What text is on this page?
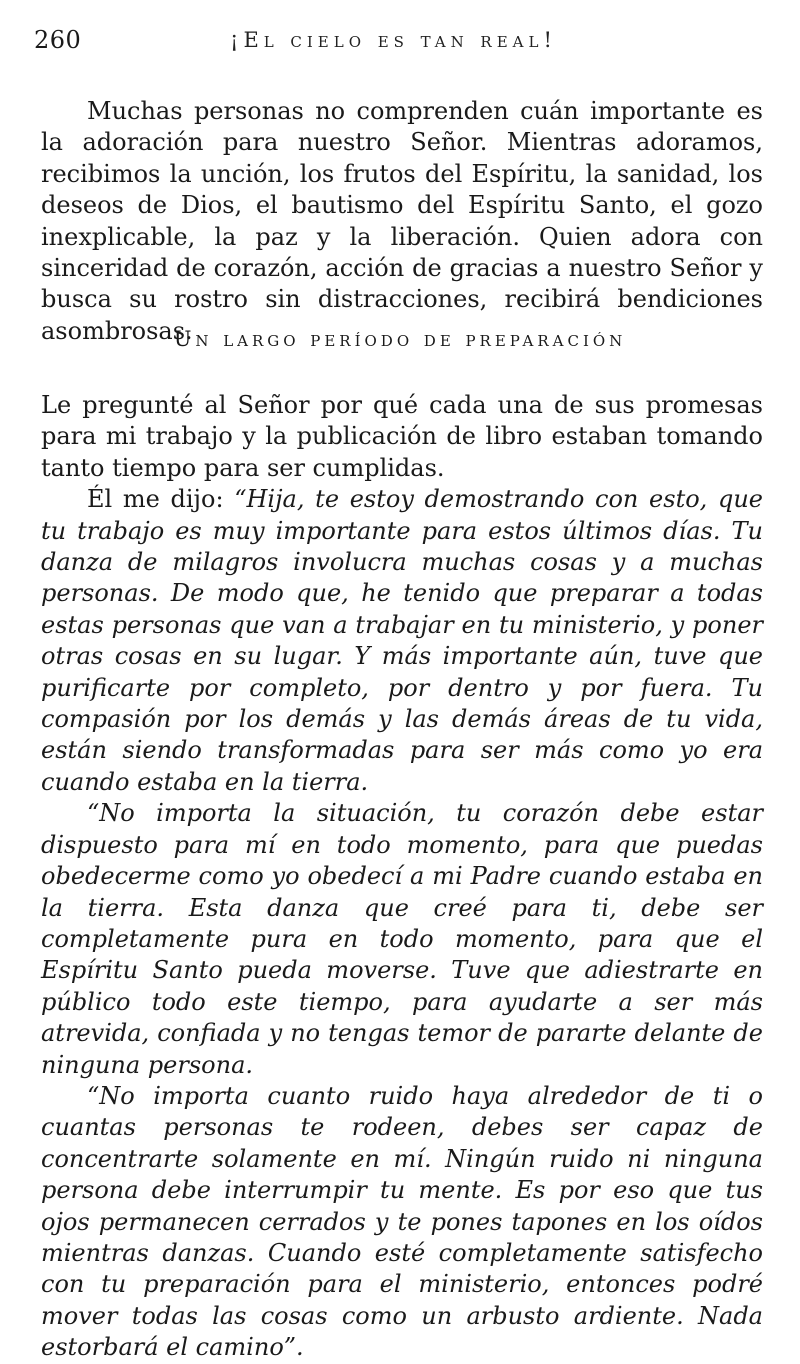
260	¡El cielo es tan real!

Muchas personas no comprenden cuán importante es la adoración para nuestro Señor. Mientras adoramos, recibimos la unción, los frutos del Espíritu, la sanidad, los deseos de Dios, el bautismo del Espíritu Santo, el gozo inexplicable, la paz y la liberación. Quien adora con sinceridad de corazón, acción de gracias a nuestro Señor y busca su rostro sin distracciones, recibirá bendiciones asombrosas.

Un largo período de preparación

Le pregunté al Señor por qué cada una de sus promesas para mi trabajo y la publicación de libro estaban tomando tanto tiempo para ser cumplidas.

Él me dijo: “Hija, te estoy demostrando con esto, que tu trabajo es muy importante para estos últimos días. Tu danza de milagros involucra muchas cosas y a muchas personas. De modo que, he tenido que preparar a todas estas personas que van a trabajar en tu ministerio, y poner otras cosas en su lugar. Y más importante aún, tuve que purificarte por completo, por dentro y por fuera. Tu compasión por los demás y las demás áreas de tu vida, están siendo transformadas para ser más como yo era cuando estaba en la tierra.

“No importa la situación, tu corazón debe estar dispuesto para mí en todo momento, para que puedas obedecerme como yo obedecí a mi Padre cuando estaba en la tierra. Esta danza que creé para ti, debe ser completamente pura en todo momento, para que el Espíritu Santo pueda moverse. Tuve que adiestrarte en público todo este tiempo, para ayudarte a ser más atrevida, confiada y no tengas temor de pararte delante de ninguna persona.

“No importa cuanto ruido haya alrededor de ti o cuantas personas te rodeen, debes ser capaz de concentrarte solamente en mí. Ningún ruido ni ninguna persona debe interrumpir tu mente. Es por eso que tus ojos permanecen cerrados y te pones tapones en los oídos mientras danzas. Cuando esté completamente satisfecho con tu preparación para el ministerio, entonces podré mover todas las cosas como un arbusto ardiente. Nada estorbará el camino”.
